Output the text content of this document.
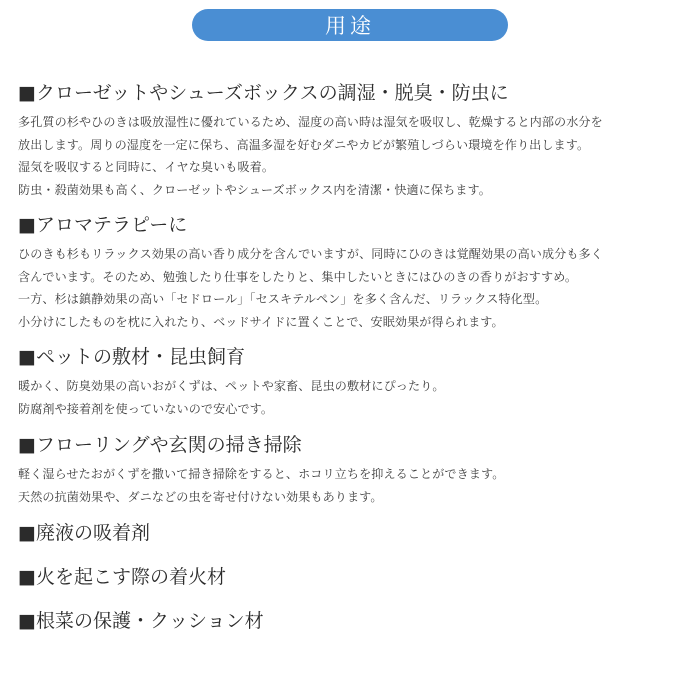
用途
■クローゼットやシューズボックスの調湿・脱臭・防虫に
多孔質の杉やひのきは吸放湿性に優れているため、湿度の高い時は湿気を吸収し、乾燥すると内部の水分を
放出します。周りの湿度を一定に保ち、高温多湿を好むダニやカビが繁殖しづらい環境を作り出します。
湿気を吸収すると同時に、イヤな臭いも吸着。
防虫・殺菌効果も高く、クローゼットやシューズボックス内を清潔・快適に保ちます。
■アロマテラピーに
ひのきも杉もリラックス効果の高い香り成分を含んでいますが、同時にひのきは覚醒効果の高い成分も多く
含んでいます。そのため、勉強したり仕事をしたりと、集中したいときにはひのきの香りがおすすめ。
一方、杉は鎮静効果の高い「セドロール」「セスキテルペン」を多く含んだ、リラックス特化型。
小分けにしたものを枕に入れたり、ベッドサイドに置くことで、安眠効果が得られます。
■ペットの敷材・昆虫飼育
暖かく、防臭効果の高いおがくずは、ペットや家畜、昆虫の敷材にぴったり。
防腐剤や接着剤を使っていないので安心です。
■フローリングや玄関の掃き掃除
軽く湿らせたおがくずを撒いて掃き掃除をすると、ホコリ立ちを抑えることができます。
天然の抗菌効果や、ダニなどの虫を寄せ付けない効果もあります。
■廃液の吸着剤
■火を起こす際の着火材
■根菜の保護・クッション材
